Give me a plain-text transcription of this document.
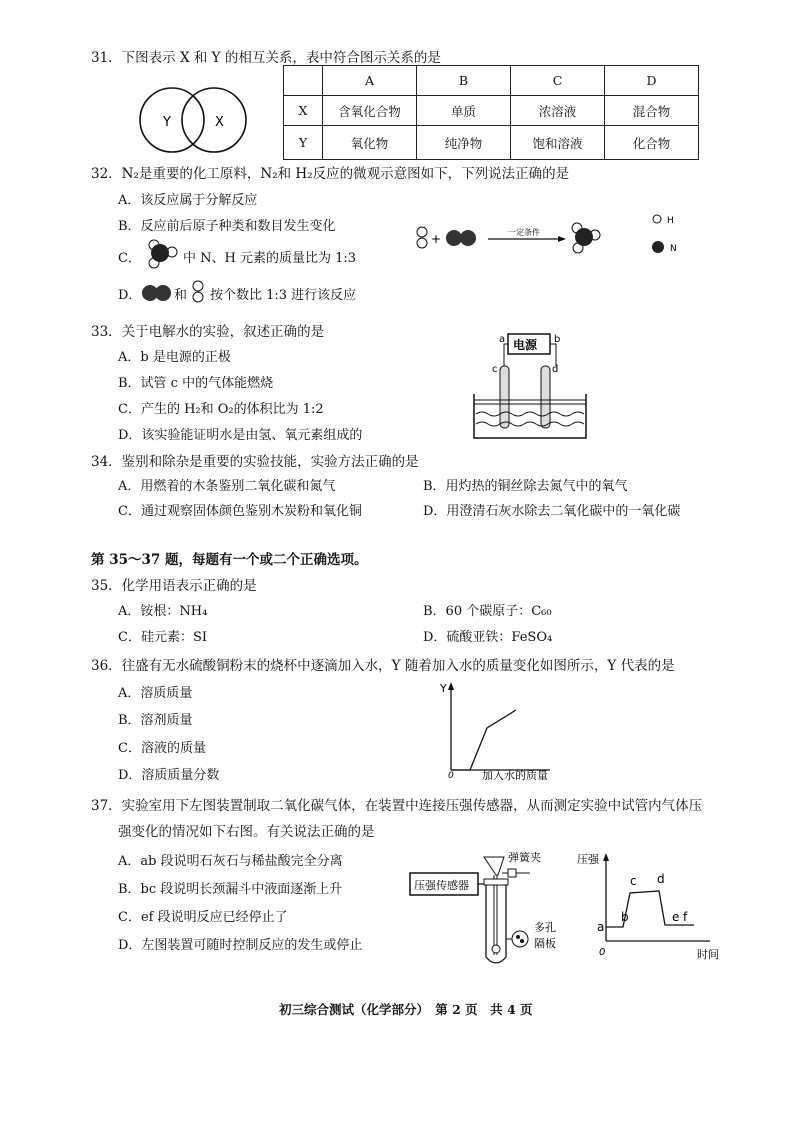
31．下图表示 X 和 Y 的相互关系，表中符合图示关系的是
Y	X
	A	B	C	D
X	含氧化合物	单质	浓溶液	混合物
Y	氧化物	纯净物	饱和溶液	化合物
32．N₂是重要的化工原料，N₂和 H₂反应的微观示意图如下，下列说法正确的是
A．该反应属于分解反应
B．反应前后原子种类和数目发生变化
C．	中 N、H 元素的质量比为 1:3
D．	和 按个数比 1:3 进行该反应
+	一定条件
H
N
33．关于电解水的实验，叙述正确的是
A．b 是电源的正极
B．试管 c 中的气体能燃烧
C．产生的 H₂和 O₂的体积比为 1:2
D．该实验能证明水是由氢、氧元素组成的
电源
a	b
c	d
34．鉴别和除杂是重要的实验技能，实验方法正确的是
A．用燃着的木条鉴别二氧化碳和氮气	B．用灼热的铜丝除去氮气中的氧气
C．通过观察固体颜色鉴别木炭粉和氧化铜	D．用澄清石灰水除去二氧化碳中的一氧化碳
第 35～37 题，每题有一个或二个正确选项。
35．化学用语表示正确的是
A．铵根：NH₄	B．60 个碳原子：C₆₀
C．硅元素：SI	D．硫酸亚铁：FeSO₄
36．往盛有无水硫酸铜粉末的烧杯中逐滴加入水，Y 随着加入水的质量变化如图所示，Y 代表的是
A．溶质质量
B．溶剂质量
C．溶液的质量
D．溶质质量分数
Y
0	加入水的质量
37．实验室用下左图装置制取二氧化碳气体，在装置中连接压强传感器，从而测定实验中试管内气体压
强变化的情况如下右图。有关说法正确的是
A．ab 段说明石灰石与稀盐酸完全分离
B．bc 段说明长颈漏斗中液面逐渐上升
C．ef 段说明反应已经停止了
D．左图装置可随时控制反应的发生或停止
压强传感器
弹簧夹
多孔
隔板
压强
0	时间
a
b
c d
e f
初三综合测试（化学部分）　第 2 页　共 4 页
